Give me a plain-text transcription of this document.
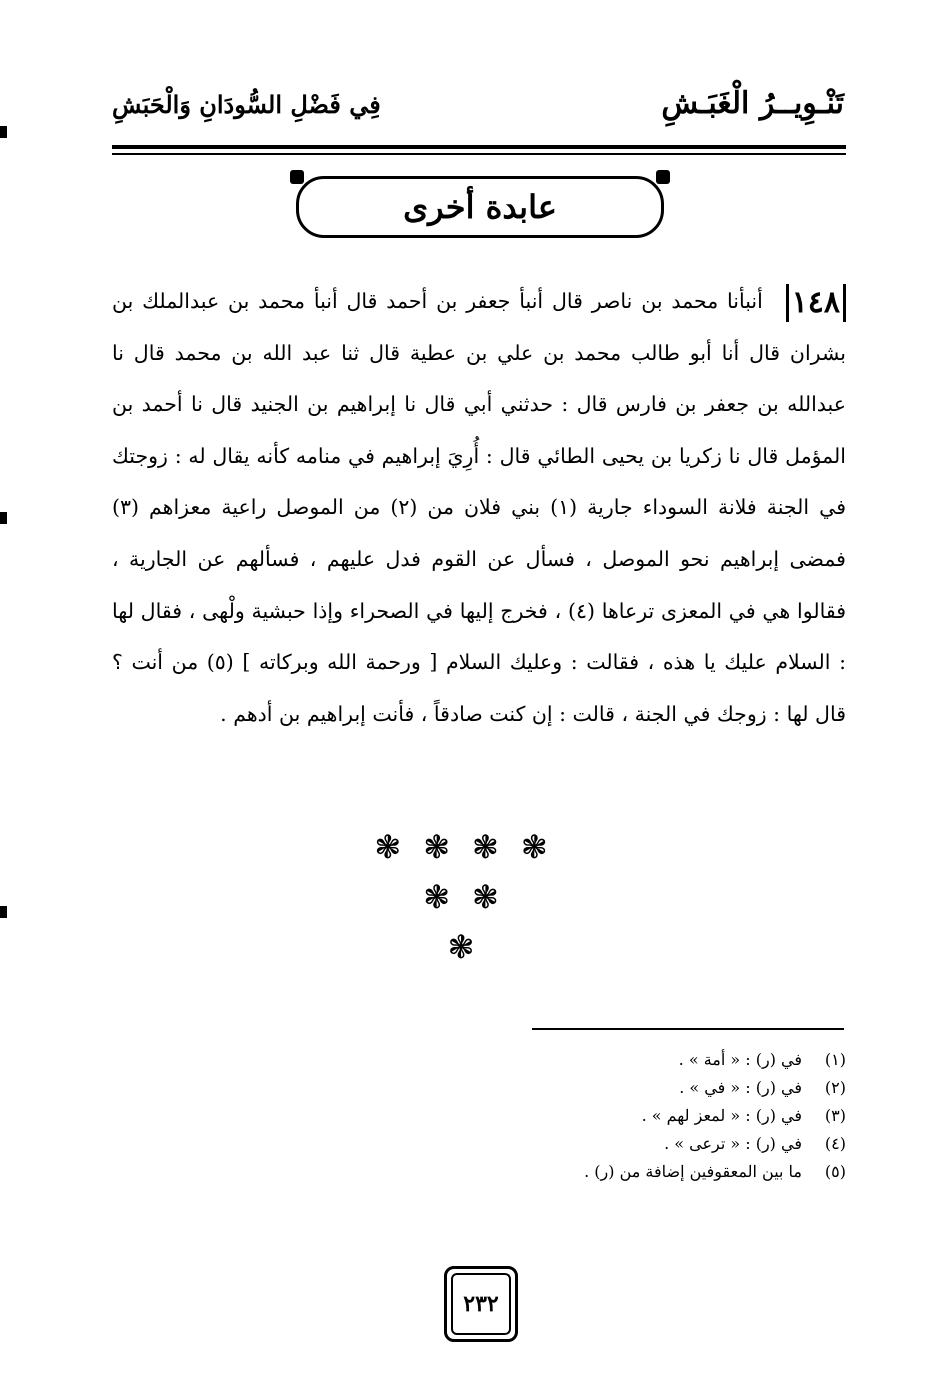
تَنْـوِيــرُ الْغَبَـشِ
فِي فَضْلِ السُّودَانِ وَالْحَبَشِ
عابدة أخرى
١٤٨ أنبأنا محمد بن ناصر قال أنبأ جعفر بن أحمد قال أنبأ محمد بن عبدالملك بن بشران قال أنا أبو طالب محمد بن علي بن عطية قال ثنا عبد الله بن محمد قال نا عبدالله بن جعفر بن فارس قال : حدثني أبي قال نا إبراهيم بن الجنيد قال نا أحمد بن المؤمل قال نا زكريا بن يحيى الطائي قال : أُرِيَ إبراهيم في منامه كأنه يقال له : زوجتك في الجنة فلانة السوداء جارية (١) بني فلان من (٢) من الموصل راعية معزاهم (٣) فمضى إبراهيم نحو الموصل ، فسأل عن القوم فدل عليهم ، فسألهم عن الجارية ، فقالوا هي في المعزى ترعاها (٤) ، فخرج إليها في الصحراء وإذا حبشية ولْهى ، فقال لها : السلام عليك يا هذه ، فقالت : وعليك السلام [ ورحمة الله وبركاته ] (٥) من أنت ؟ قال لها : زوجك في الجنة ، قالت : إن كنت صادقاً ، فأنت إبراهيم بن أدهم .
❃❃❃❃
❃❃
❃
(١)
في (ر) : « أمة » .
(٢)
في (ر) : « في » .
(٣)
في (ر) : « لمعز لهم » .
(٤)
في (ر) : « ترعى » .
(٥)
ما بين المعقوفين إضافة من (ر) .
٢٣٢
